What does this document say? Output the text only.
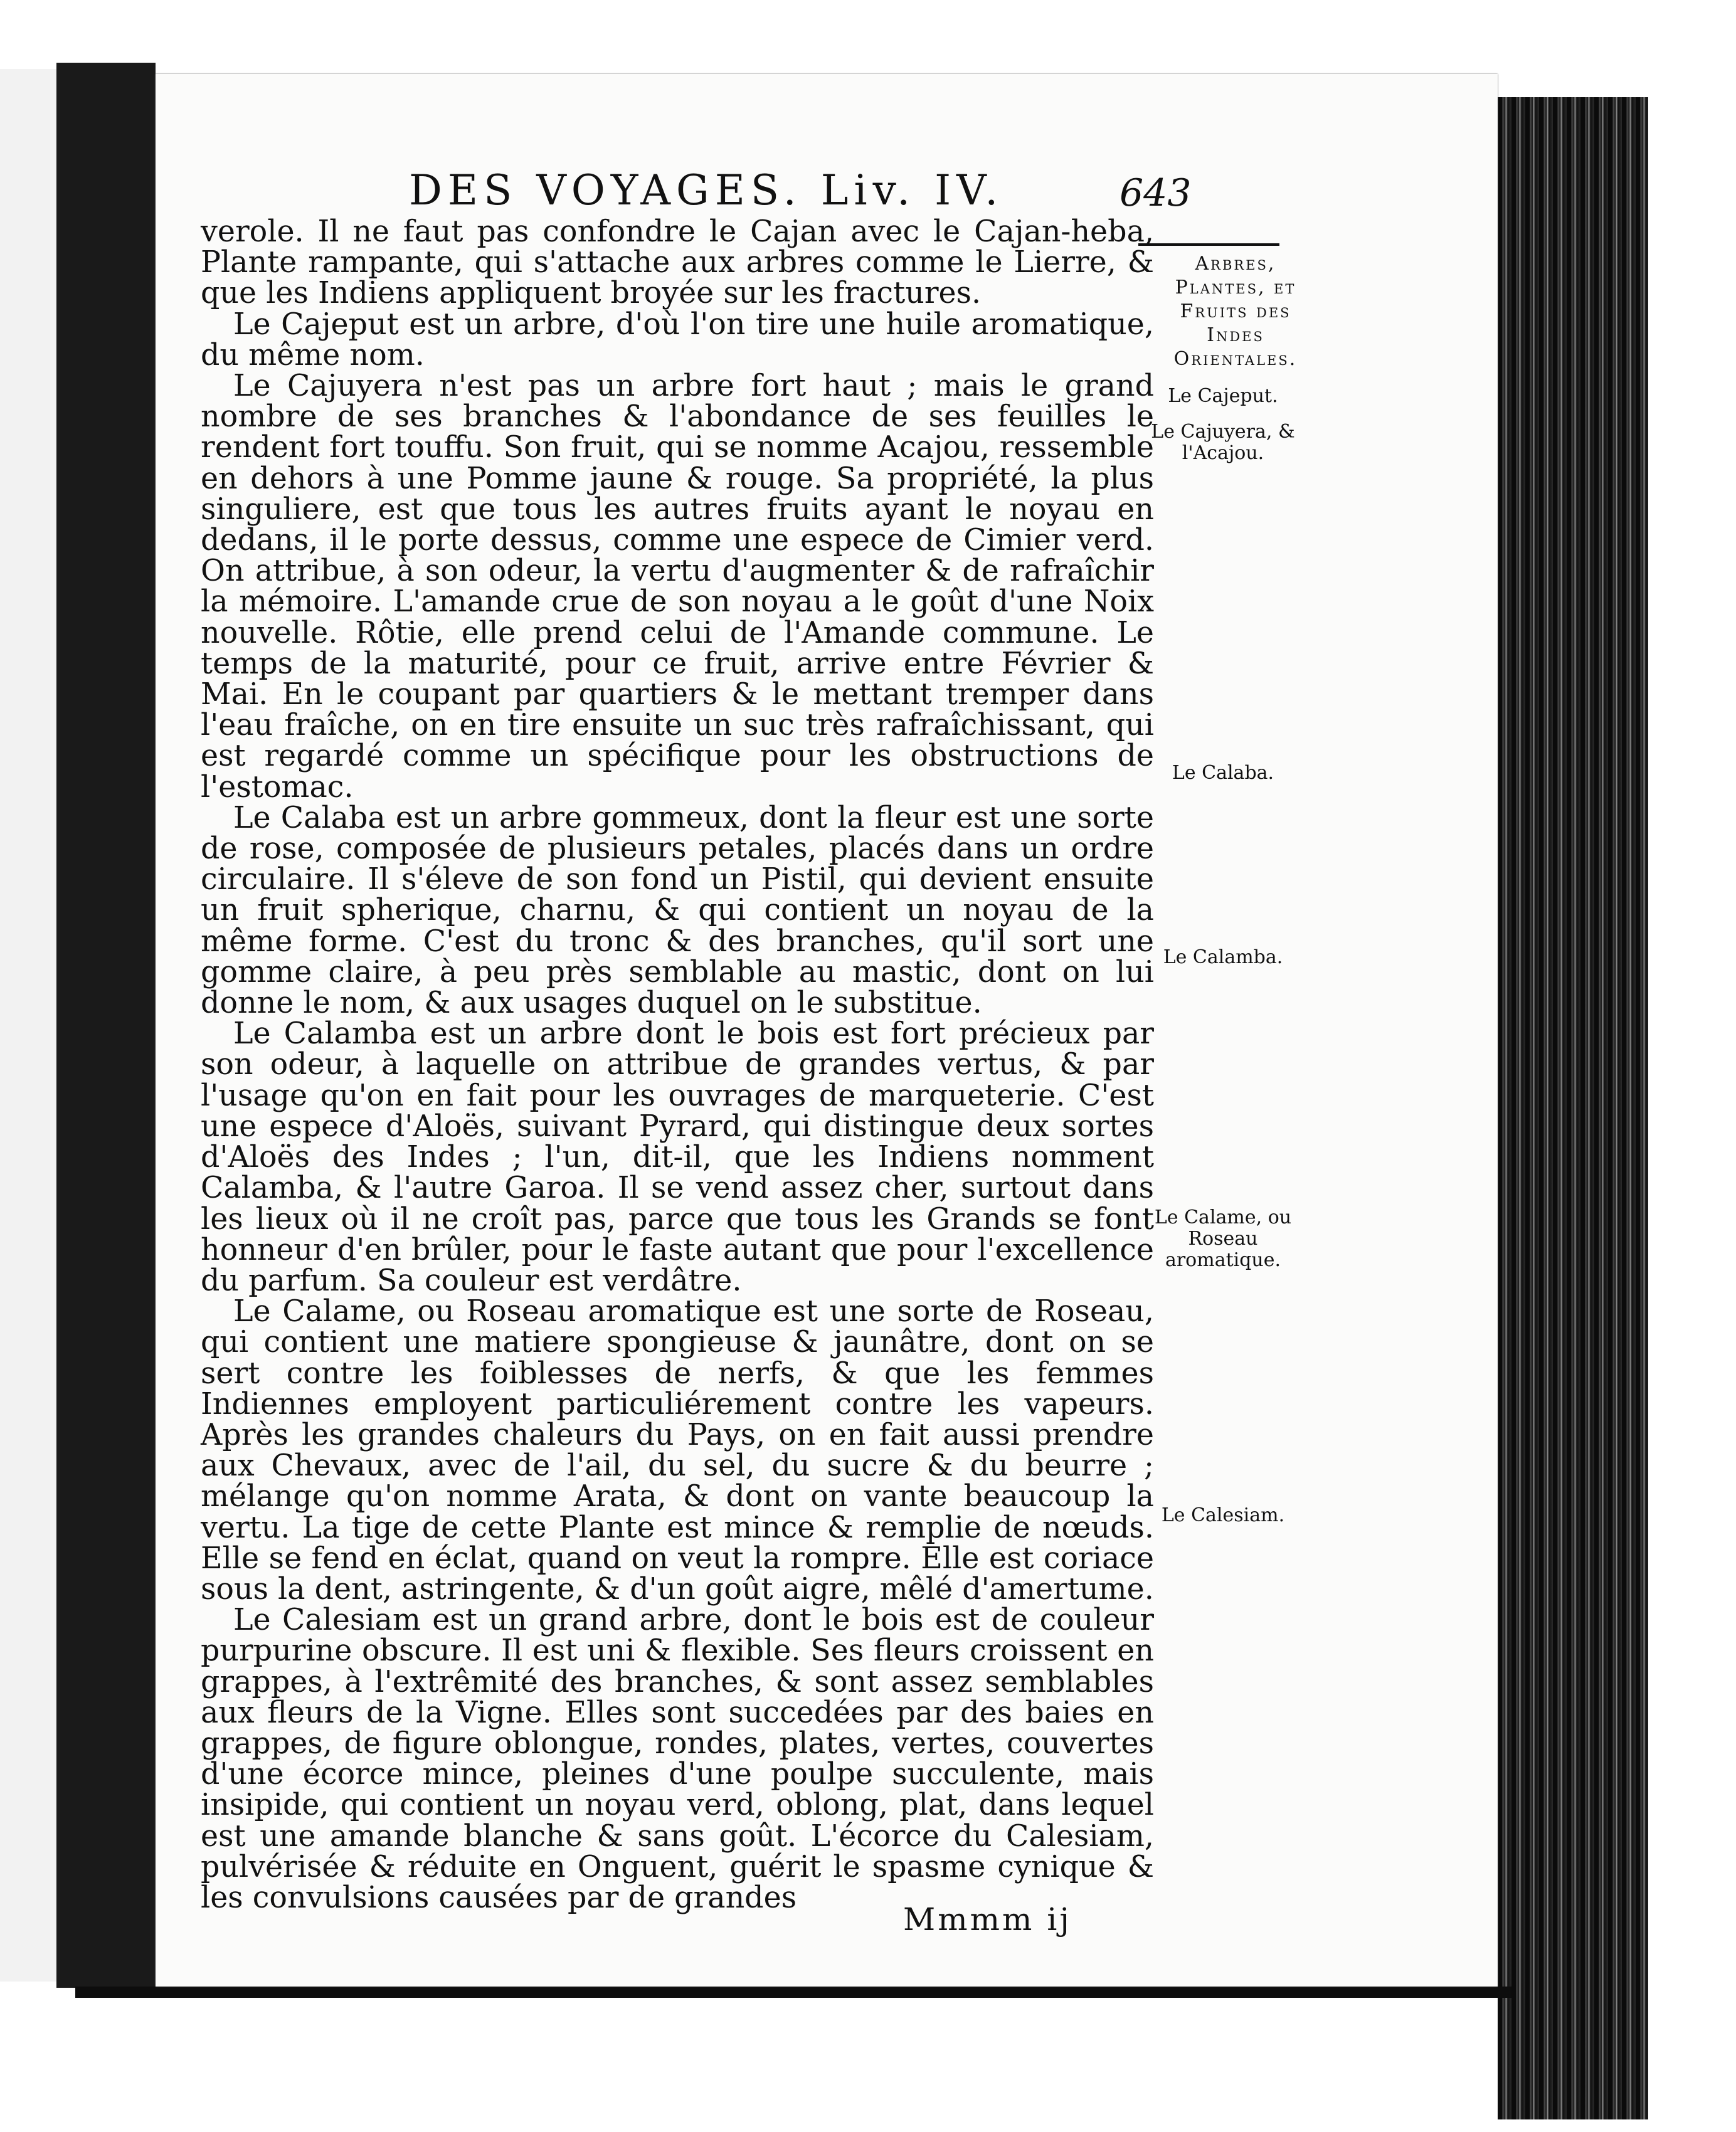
DES VOYAGES. Liv. IV.	643
Arbres, Plantes, et Fruits des Indes Orientales.
Le Cajeput.
Le Cajuyera, & l'Acajou.
Le Calaba.
Le Calamba.
Le Calame, ou Roseau aromatique.
Le Calesiam.

verole. Il ne faut pas confondre le Cajan avec le Cajan-heba, Plante rampante, qui s'attache aux arbres comme le Lierre, & que les Indiens appliquent broyée sur les fractures.

Le Cajeput est un arbre, d'où l'on tire une huile aromatique, du même nom.

Le Cajuyera n'est pas un arbre fort haut ; mais le grand nombre de ses branches & l'abondance de ses feuilles le rendent fort touffu. Son fruit, qui se nomme Acajou, ressemble en dehors à une Pomme jaune & rouge. Sa propriété, la plus singuliere, est que tous les autres fruits ayant le noyau en dedans, il le porte dessus, comme une espece de Cimier verd. On attribue, à son odeur, la vertu d'augmenter & de rafraîchir la mémoire. L'amande crue de son noyau a le goût d'une Noix nouvelle. Rôtie, elle prend celui de l'Amande commune. Le temps de la maturité, pour ce fruit, arrive entre Février & Mai. En le coupant par quartiers & le mettant tremper dans l'eau fraîche, on en tire ensuite un suc très rafraîchissant, qui est regardé comme un spécifique pour les obstructions de l'estomac.

Le Calaba est un arbre gommeux, dont la fleur est une sorte de rose, composée de plusieurs petales, placés dans un ordre circulaire. Il s'éleve de son fond un Pistil, qui devient ensuite un fruit spherique, charnu, & qui contient un noyau de la même forme. C'est du tronc & des branches, qu'il sort une gomme claire, à peu près semblable au mastic, dont on lui donne le nom, & aux usages duquel on le substitue.

Le Calamba est un arbre dont le bois est fort précieux par son odeur, à laquelle on attribue de grandes vertus, & par l'usage qu'on en fait pour les ouvrages de marqueterie. C'est une espece d'Aloës, suivant Pyrard, qui distingue deux sortes d'Aloës des Indes ; l'un, dit-il, que les Indiens nomment Calamba, & l'autre Garoa. Il se vend assez cher, surtout dans les lieux où il ne croît pas, parce que tous les Grands se font honneur d'en brûler, pour le faste autant que pour l'excellence du parfum. Sa couleur est verdâtre.

Le Calame, ou Roseau aromatique est une sorte de Roseau, qui contient une matiere spongieuse & jaunâtre, dont on se sert contre les foiblesses de nerfs, & que les femmes Indiennes employent particuliérement contre les vapeurs. Après les grandes chaleurs du Pays, on en fait aussi prendre aux Chevaux, avec de l'ail, du sel, du sucre & du beurre ; mélange qu'on nomme Arata, & dont on vante beaucoup la vertu. La tige de cette Plante est mince & remplie de nœuds. Elle se fend en éclat, quand on veut la rompre. Elle est coriace sous la dent, astringente, & d'un goût aigre, mêlé d'amertume.

Le Calesiam est un grand arbre, dont le bois est de couleur purpurine obscure. Il est uni & flexible. Ses fleurs croissent en grappes, à l'extrêmité des branches, & sont assez semblables aux fleurs de la Vigne. Elles sont succedées par des baies en grappes, de figure oblongue, rondes, plates, vertes, couvertes d'une écorce mince, pleines d'une poulpe succulente, mais insipide, qui contient un noyau verd, oblong, plat, dans lequel est une amande blanche & sans goût. L'écorce du Calesiam, pulvérisée & réduite en Onguent, guérit le spasme cynique & les convulsions causées par de grandes

Mmmm ij
